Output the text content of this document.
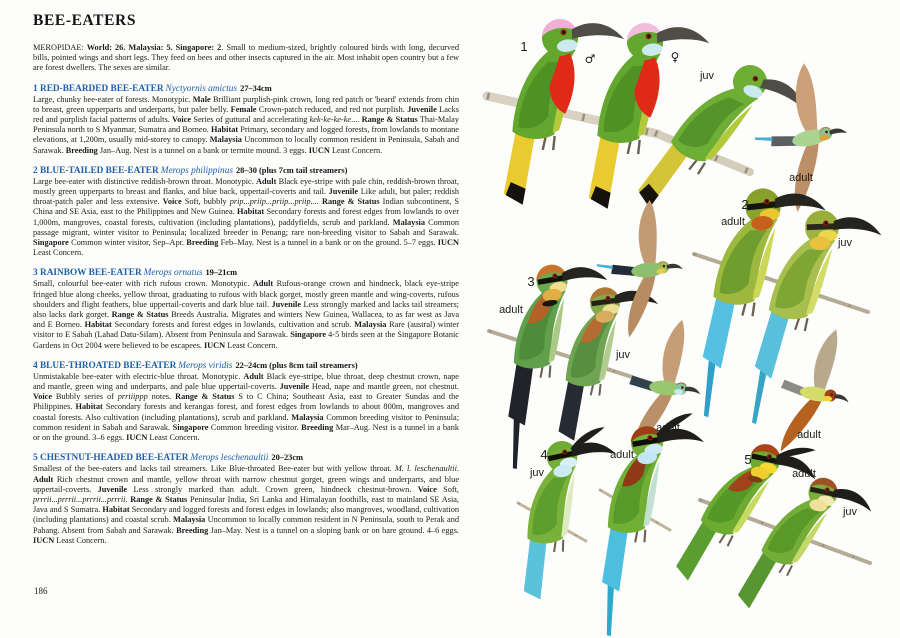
BEE-EATERS

MEROPIDAE: World: 26. Malaysia: 5. Singapore: 2. Small to medium-sized, brightly coloured birds with long, decurved bills, pointed wings and short legs. They feed on bees and other insects captured in the air. Most inhabit open country but a few are forest dwellers. The sexes are similar.

1 RED-BEARDED BEE-EATER Nyctyornis amictus 27–34cm

Large, chunky bee-eater of forests. Monotypic. Male Brilliant purplish-pink crown, long red patch or 'beard' extends from chin to breast, green upperparts and underparts, but paler belly. Female Crown-patch reduced, and red not purplish. Juvenile Lacks red and purplish facial patterns of adults. Voice Series of guttural and accelerating kek-ke-ke-ke.... Range & Status Thai-Malay Peninsula north to S Myanmar, Sumatra and Borneo. Habitat Primary, secondary and logged forests, from lowlands to montane elevations, at 1,200m, usually mid-storey to canopy. Malaysia Uncommon to locally common resident in Peninsula, Sabah and Sarawak. Breeding Jan–Aug. Nest is a tunnel on a bank or termite mound. 3 eggs. IUCN Least Concern.

2 BLUE-TAILED BEE-EATER Merops philippinus 28–30 (plus 7cm tail streamers)

Large bee-eater with distinctive reddish-brown throat. Monotypic. Adult Black eye-stripe with pale chin, reddish-brown throat, mostly green upperparts to breast and flanks, and blue back, uppertail-coverts and tail. Juvenile Like adult, but paler; reddish throat-patch paler and less extensive. Voice Soft, bubbly prip...priip...priip...priip.... Range & Status Indian subcontinent, S China and SE Asia, east to the Philippines and New Guinea. Habitat Secondary forests and forest edges from lowlands to over 1,000m, mangroves, coastal forests, cultivation (including plantations), paddyfields, scrub and parkland. Malaysia Common passage migrant, winter visitor to Peninsula; localized breeder in Penang; rare non-breeding visitor to Sabah and Sarawak. Singapore Common winter visitor, Sep–Apr. Breeding Feb–May. Nest is a tunnel in a bank or on the ground. 5–7 eggs. IUCN Least Concern.

3 RAINBOW BEE-EATER Merops ornatus 19–21cm

Small, colourful bee-eater with rich rufous crown. Monotypic. Adult Rufous-orange crown and hindneck, black eye-stripe fringed blue along cheeks, yellow throat, graduating to rufous with black gorget, mostly green mantle and wing-coverts, rufous shoulders and flight feathers, blue uppertail-coverts and dark blue tail. Juvenile Less strongly marked and lacks tail streamers; also lacks dark gorget. Range & Status Breeds Australia. Migrates and winters New Guinea, Wallacea, to as far west as Java and E Borneo. Habitat Secondary forests and forest edges in lowlands, cultivation and scrub. Malaysia Rare (austral) winter visitor to E Sabah (Lahad Datu-Silam). Absent from Peninsula and Sarawak. Singapore 4-5 birds seen at the Singapore Botanic Gardens in Oct 2004 were believed to be escapees. IUCN Least Concern.

4 BLUE-THROATED BEE-EATER Merops viridis 22–24cm (plus 8cm tail streamers)

Unmistakable bee-eater with electric-blue throat. Monotypic. Adult Black eye-stripe, blue throat, deep chestnut crown, nape and mantle, green wing and underparts, and pale blue uppertail-coverts. Juvenile Head, nape and mantle green, not chestnut. Voice Bubbly series of prriiippp notes. Range & Status S to C China; Southeast Asia, east to Greater Sundas and the Philippines. Habitat Secondary forests and kerangas forest, and forest edges from lowlands to about 800m, mangroves and coastal forests. Also cultivation (including plantations), scrub and parkland. Malaysia Common breeding visitor to Peninsula; common resident in Sabah and Sarawak. Singapore Common breeding visitor. Breeding Mar–Aug. Nest is a tunnel in a bank or on the ground. 3–6 eggs. IUCN Least Concern.

5 CHESTNUT-HEADED BEE-EATER Merops leschenaultii 20–23cm

Smallest of the bee-eaters and lacks tail streamers. Like Blue-throated Bee-eater but with yellow throat. M. l. leschenaultii. Adult Rich chestnut crown and mantle, yellow throat with narrow chestnut gorget, green wings and underparts, and blue uppertail-coverts. Juvenile Less strongly marked than adult. Crown green, hindneck chestnut-brown. Voice Soft, prrrii...prrrii...prrrii...prrrii. Range & Status Peninsular India, Sri Lanka and Himalayan foothills, east to mainland SE Asia, Java and S Sumatra. Habitat Secondary and logged forests and forest edges in lowlands; also mangroves, woodland, cultivation (including plantations) and coastal scrub. Malaysia Uncommon to locally common resident in N Peninsula, south to Perak and Pahang. Absent from Sabah and Sarawak. Breeding Jan–May. Nest is a tunnel on a sloping bank or on bare ground. 4–6 eggs. IUCN Least Concern.

186
1
♂	♀
juv
adult
2
adult
juv
3
adult
juv
adult
adult
4
juv
adult	5
adult
juv
